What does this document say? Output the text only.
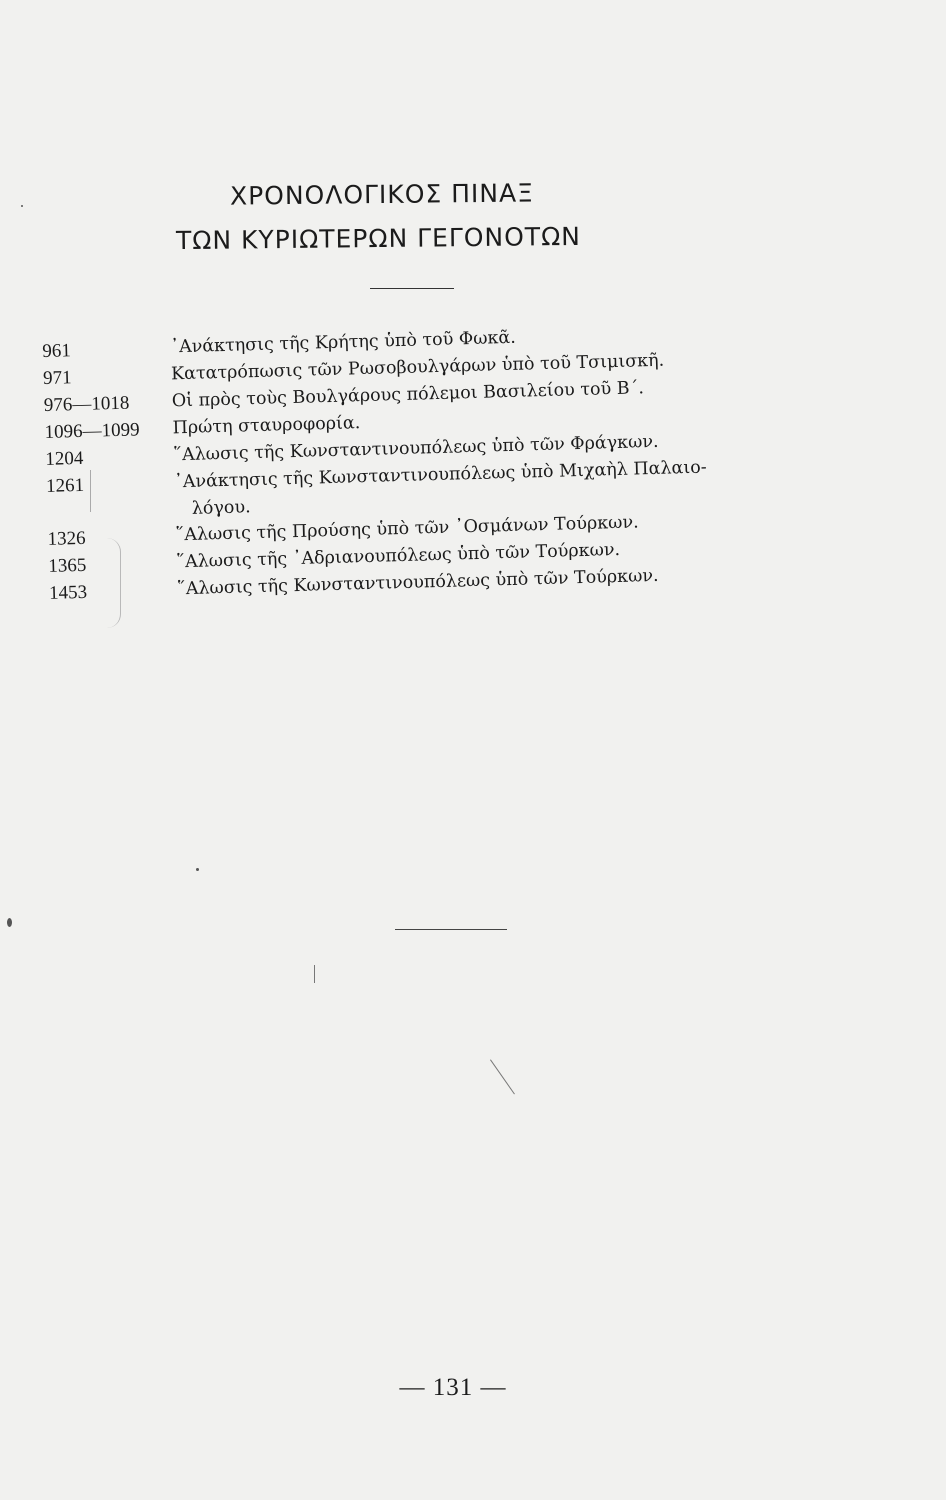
ΧΡΟΝΟΛΟΓΙΚΟΣ ΠΙΝΑΞ
ΤΩΝ ΚΥΡΙΩΤΕΡΩΝ ΓΕΓΟΝΟΤΩΝ
961	᾿Ανάκτησις τῆς Κρήτης ὑπὸ τοῦ Φωκᾶ.
971	Κατατρόπωσις τῶν Ρωσοβουλγάρων ὑπὸ τοῦ Τσιμισκῆ.
976—1018 Οἱ πρὸς τοὺς Βουλγάρους πόλεμοι Βασιλείου τοῦ Β΄.
1096—1099 Πρώτη σταυροφορία.
1204	῞Αλωσις τῆς Κωνσταντινουπόλεως ὑπὸ τῶν Φράγκων.
1261	᾿Ανάκτησις τῆς Κωνσταντινουπόλεως ὑπὸ Μιχαὴλ Παλαιο-
λόγου.
1326	῞Αλωσις τῆς Προύσης ὑπὸ τῶν ᾿Οσμάνων Τούρκων.
1365	῞Αλωσις τῆς ᾿Αδριανουπόλεως ὑπὸ τῶν Τούρκων.
1453	῞Αλωσις τῆς Κωνσταντινουπόλεως ὑπὸ τῶν Τούρκων.
— 131 —
